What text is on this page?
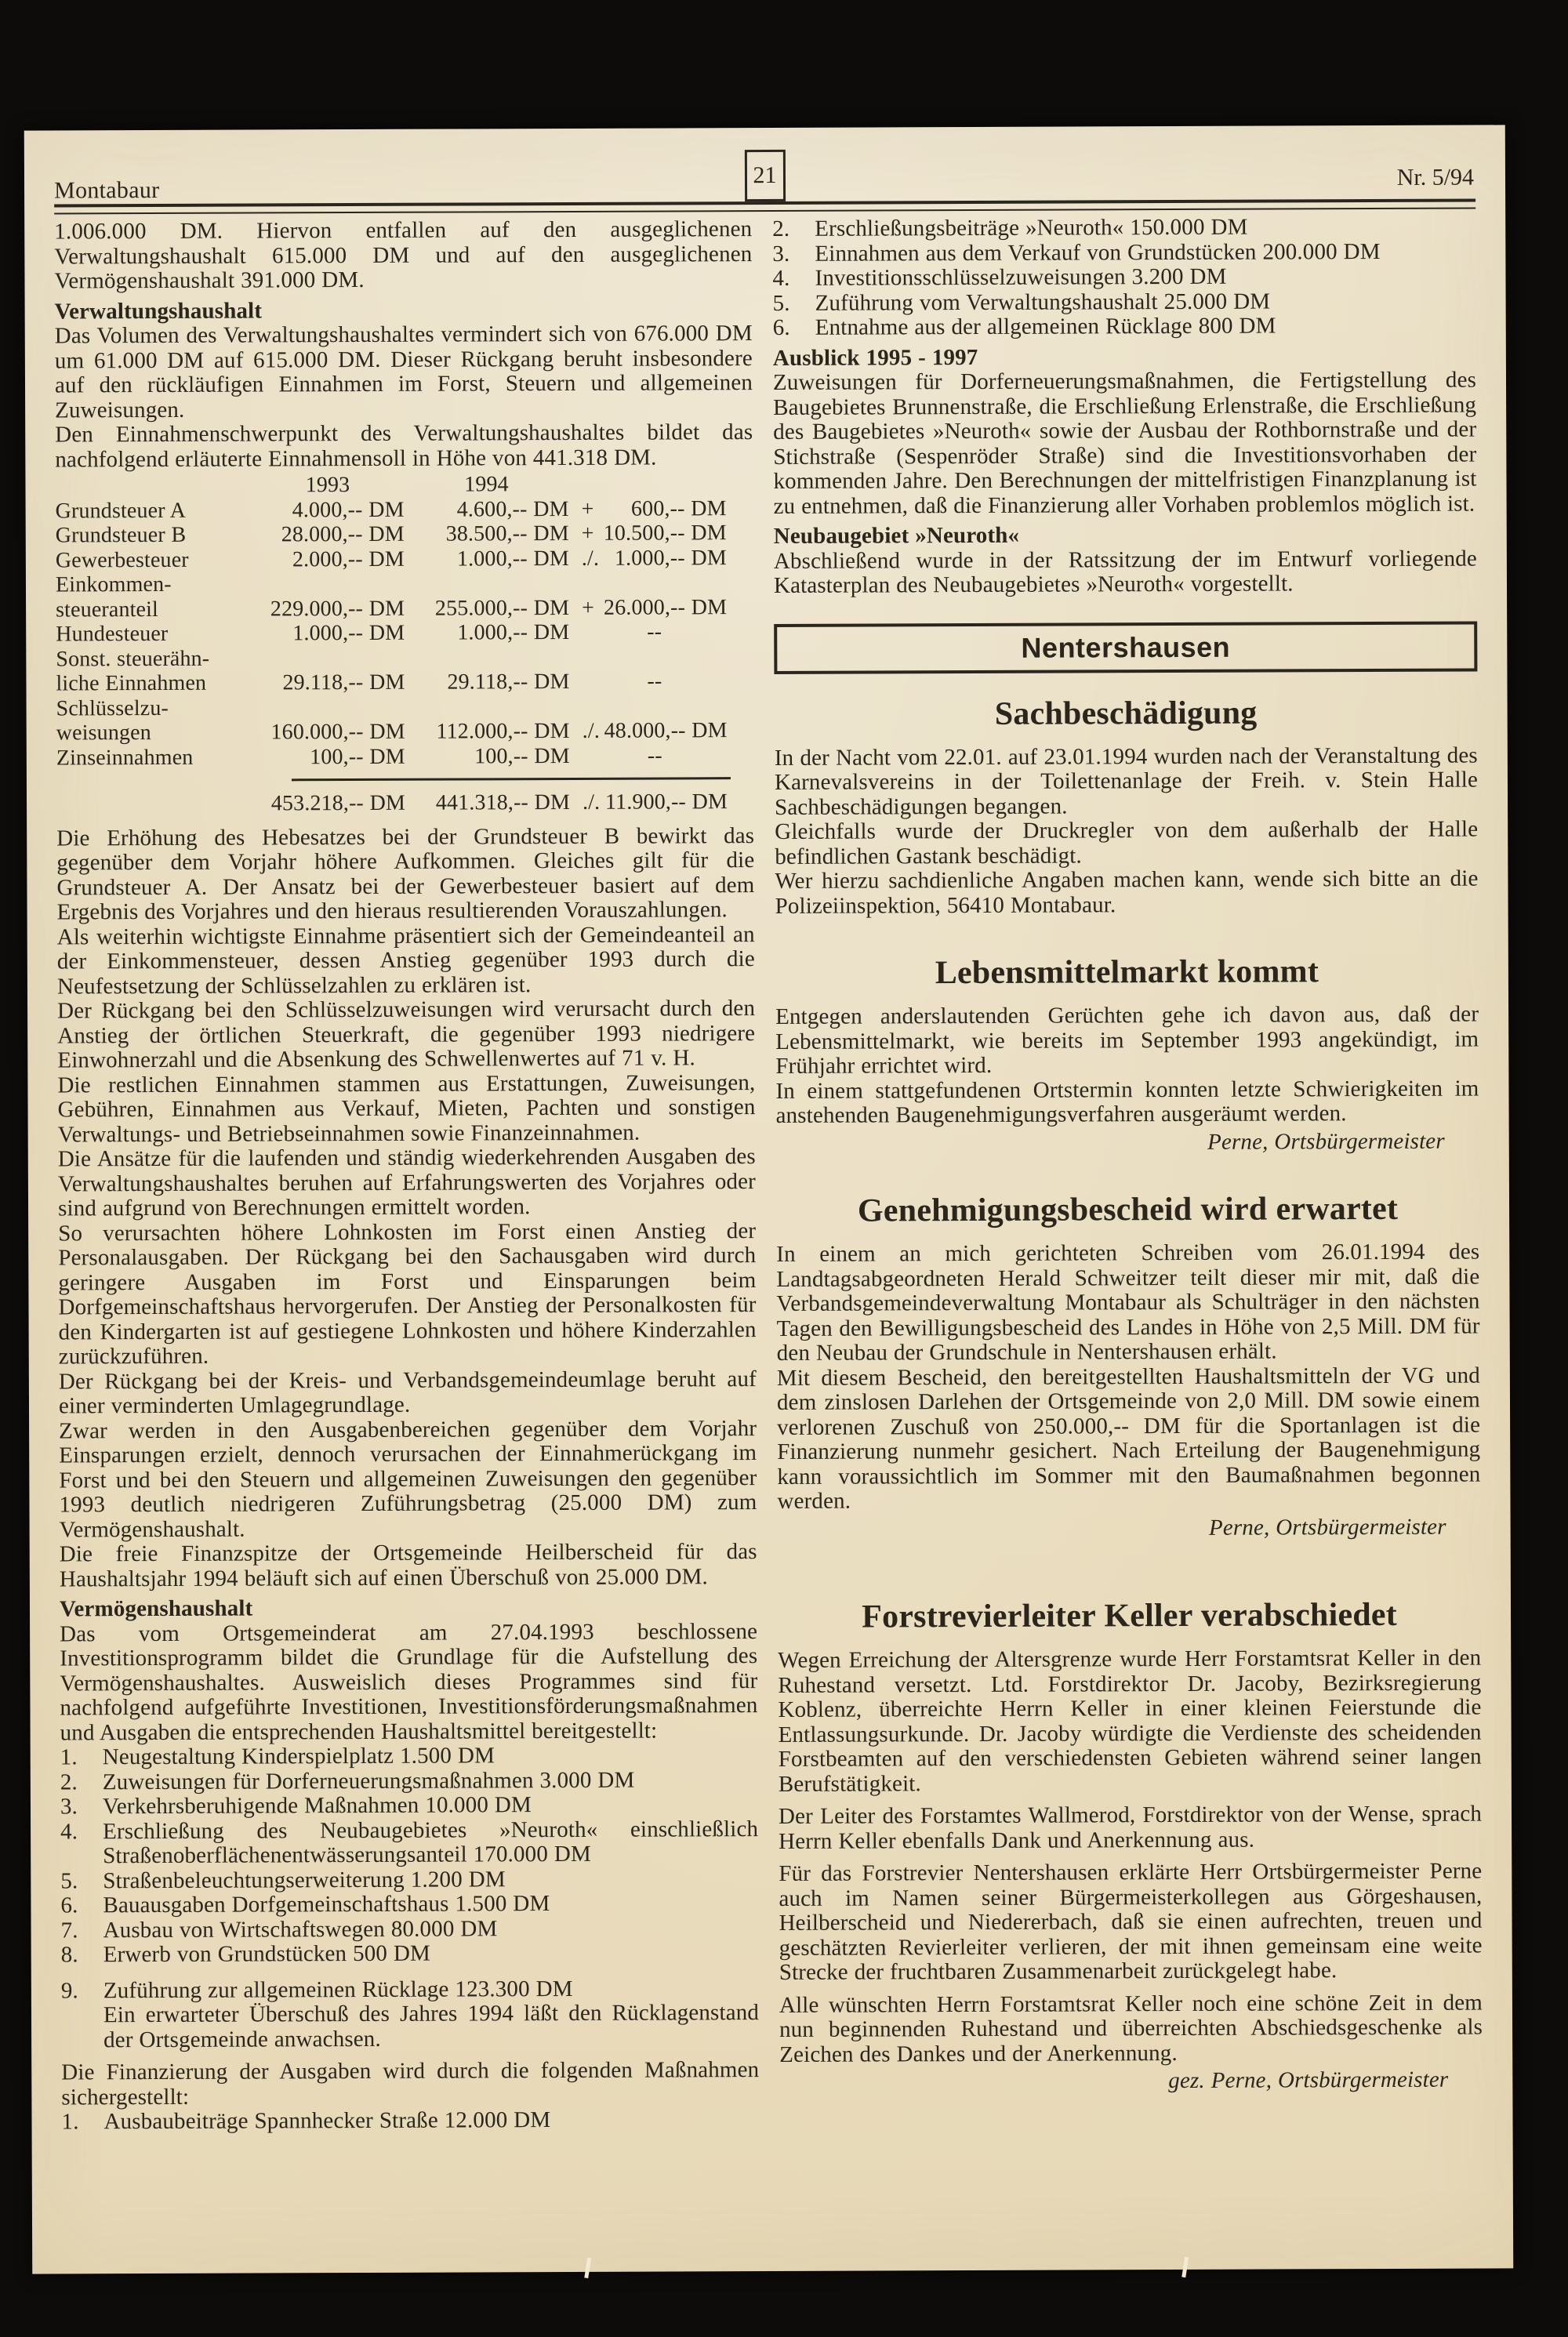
Montabaur
21	Nr. 5/94

1.006.000 DM. Hiervon entfallen auf den ausgeglichenen Verwaltungshaushalt 615.000 DM und auf den ausgeglichenen Vermögenshaushalt 391.000 DM.

Verwaltungshaushalt

Das Volumen des Verwaltungshaushaltes vermindert sich von 676.000 DM um 61.000 DM auf 615.000 DM. Dieser Rückgang beruht insbesondere auf den rückläufigen Einnahmen im Forst, Steuern und allgemeinen Zuweisungen.

Den Einnahmenschwerpunkt des Verwaltungshaushaltes bildet das nachfolgend erläuterte Einnahmensoll in Höhe von 441.318 DM.

1993	1994
Grundsteuer A	4.000,-- DM	4.600,-- DM + 600,-- DM
Grundsteuer B	28.000,-- DM	38.500,-- DM + 10.500,-- DM
Gewerbesteuer	2.000,-- DM	1.000,-- DM ./. 1.000,-- DM
Einkommen-
steueranteil	229.000,-- DM	255.000,-- DM + 26.000,-- DM
Hundesteuer	1.000,-- DM	1.000,-- DM	--
Sonst. steuerähn-
liche Einnahmen	29.118,-- DM	29.118,-- DM	--
Schlüsselzu-
weisungen	160.000,-- DM	112.000,-- DM ./. 48.000,-- DM
Zinseinnahmen	100,-- DM	100,-- DM	--
453.218,-- DM	441.318,-- DM ./. 11.900,-- DM

Die Erhöhung des Hebesatzes bei der Grundsteuer B bewirkt das gegenüber dem Vorjahr höhere Aufkommen. Gleiches gilt für die Grundsteuer A. Der Ansatz bei der Gewerbesteuer basiert auf dem Ergebnis des Vorjahres und den hieraus resultierenden Vorauszahlungen.

Als weiterhin wichtigste Einnahme präsentiert sich der Gemeindeanteil an der Einkommensteuer, dessen Anstieg gegenüber 1993 durch die Neufestsetzung der Schlüsselzahlen zu erklären ist.

Der Rückgang bei den Schlüsselzuweisungen wird verursacht durch den Anstieg der örtlichen Steuerkraft, die gegenüber 1993 niedrigere Einwohnerzahl und die Absenkung des Schwellenwertes auf 71 v. H.

Die restlichen Einnahmen stammen aus Erstattungen, Zuweisungen, Gebühren, Einnahmen aus Verkauf, Mieten, Pachten und sonstigen Verwaltungs- und Betriebseinnahmen sowie Finanzeinnahmen.

Die Ansätze für die laufenden und ständig wiederkehrenden Ausgaben des Verwaltungshaushaltes beruhen auf Erfahrungswerten des Vorjahres oder sind aufgrund von Berechnungen ermittelt worden.

So verursachten höhere Lohnkosten im Forst einen Anstieg der Personalausgaben. Der Rückgang bei den Sachausgaben wird durch geringere Ausgaben im Forst und Einsparungen beim Dorfgemeinschaftshaus hervorgerufen. Der Anstieg der Personalkosten für den Kindergarten ist auf gestiegene Lohnkosten und höhere Kinderzahlen zurückzuführen.

Der Rückgang bei der Kreis- und Verbandsgemeindeumlage beruht auf einer verminderten Umlagegrundlage.

Zwar werden in den Ausgabenbereichen gegenüber dem Vorjahr Einsparungen erzielt, dennoch verursachen der Einnahmerückgang im Forst und bei den Steuern und allgemeinen Zuweisungen den gegenüber 1993 deutlich niedrigeren Zuführungsbetrag (25.000 DM) zum Vermögenshaushalt.

Die freie Finanzspitze der Ortsgemeinde Heilberscheid für das Haushaltsjahr 1994 beläuft sich auf einen Überschuß von 25.000 DM.

Vermögenshaushalt

Das vom Ortsgemeinderat am 27.04.1993 beschlossene Investitionsprogramm bildet die Grundlage für die Aufstellung des Vermögenshaushaltes. Ausweislich dieses Programmes sind für nachfolgend aufgeführte Investitionen, Investitionsförderungsmaßnahmen und Ausgaben die entsprechenden Haushaltsmittel bereitgestellt:

1.	Neugestaltung Kinderspielplatz 1.500 DM
2.	Zuweisungen für Dorferneuerungsmaßnahmen 3.000 DM
3.	Verkehrsberuhigende Maßnahmen 10.000 DM
4.	Erschließung des Neubaugebietes »Neuroth« einschließlich Straßenoberflächenentwässerungsanteil 170.000 DM
5.	Straßenbeleuchtungserweiterung 1.200 DM
6.	Bauausgaben Dorfgemeinschaftshaus 1.500 DM
7.	Ausbau von Wirtschaftswegen 80.000 DM
8.	Erwerb von Grundstücken 500 DM
9.	Zuführung zur allgemeinen Rücklage 123.300 DM
Ein erwarteter Überschuß des Jahres 1994 läßt den Rücklagenstand der Ortsgemeinde anwachsen.

Die Finanzierung der Ausgaben wird durch die folgenden Maßnahmen sichergestellt:

1.	Ausbaubeiträge Spannhecker Straße 12.000 DM
2.	Erschließungsbeiträge »Neuroth« 150.000 DM
3.	Einnahmen aus dem Verkauf von Grundstücken 200.000 DM
4.	Investitionsschlüsselzuweisungen 3.200 DM
5.	Zuführung vom Verwaltungshaushalt 25.000 DM
6.	Entnahme aus der allgemeinen Rücklage 800 DM
Ausblick 1995 - 1997

Zuweisungen für Dorferneuerungsmaßnahmen, die Fertigstellung des Baugebietes Brunnenstraße, die Erschließung Erlenstraße, die Erschließung des Baugebietes »Neuroth« sowie der Ausbau der Rothbornstraße und der Stichstraße (Sespenröder Straße) sind die Investitionsvorhaben der kommenden Jahre. Den Berechnungen der mittelfristigen Finanzplanung ist zu entnehmen, daß die Finanzierung aller Vorhaben problemlos möglich ist.

Neubaugebiet »Neuroth«

Abschließend wurde in der Ratssitzung der im Entwurf vorliegende Katasterplan des Neubaugebietes »Neuroth« vorgestellt.

Nentershausen
Sachbeschädigung

In der Nacht vom 22.01. auf 23.01.1994 wurden nach der Veranstaltung des Karnevalsvereins in der Toilettenanlage der Freih. v. Stein Halle Sachbeschädigungen begangen.

Gleichfalls wurde der Druckregler von dem außerhalb der Halle befindlichen Gastank beschädigt.

Wer hierzu sachdienliche Angaben machen kann, wende sich bitte an die Polizeiinspektion, 56410 Montabaur.

Lebensmittelmarkt kommt

Entgegen anderslautenden Gerüchten gehe ich davon aus, daß der Lebensmittelmarkt, wie bereits im September 1993 angekündigt, im Frühjahr errichtet wird.

In einem stattgefundenen Ortstermin konnten letzte Schwierigkeiten im anstehenden Baugenehmigungsverfahren ausgeräumt werden.

Perne, Ortsbürgermeister
Genehmigungsbescheid wird erwartet

In einem an mich gerichteten Schreiben vom 26.01.1994 des Landtagsabgeordneten Herald Schweitzer teilt dieser mir mit, daß die Verbandsgemeindeverwaltung Montabaur als Schulträger in den nächsten Tagen den Bewilligungsbescheid des Landes in Höhe von 2,5 Mill. DM für den Neubau der Grundschule in Nentershausen erhält.

Mit diesem Bescheid, den bereitgestellten Haushaltsmitteln der VG und dem zinslosen Darlehen der Ortsgemeinde von 2,0 Mill. DM sowie einem verlorenen Zuschuß von 250.000,-- DM für die Sportanlagen ist die Finanzierung nunmehr gesichert. Nach Erteilung der Baugenehmigung kann voraussichtlich im Sommer mit den Baumaßnahmen begonnen werden.

Perne, Ortsbürgermeister
Forstrevierleiter Keller verabschiedet

Wegen Erreichung der Altersgrenze wurde Herr Forstamtsrat Keller in den Ruhestand versetzt. Ltd. Forstdirektor Dr. Jacoby, Bezirksregierung Koblenz, überreichte Herrn Keller in einer kleinen Feierstunde die Entlassungsurkunde. Dr. Jacoby würdigte die Verdienste des scheidenden Forstbeamten auf den verschiedensten Gebieten während seiner langen Berufstätigkeit.

Der Leiter des Forstamtes Wallmerod, Forstdirektor von der Wense, sprach Herrn Keller ebenfalls Dank und Anerkennung aus.

Für das Forstrevier Nentershausen erklärte Herr Ortsbürgermeister Perne auch im Namen seiner Bürgermeisterkollegen aus Görgeshausen, Heilberscheid und Niedererbach, daß sie einen aufrechten, treuen und geschätzten Revierleiter verlieren, der mit ihnen gemeinsam eine weite Strecke der fruchtbaren Zusammenarbeit zurückgelegt habe.

Alle wünschten Herrn Forstamtsrat Keller noch eine schöne Zeit in dem nun beginnenden Ruhestand und überreichten Abschiedsgeschenke als Zeichen des Dankes und der Anerkennung.

gez. Perne, Ortsbürgermeister
